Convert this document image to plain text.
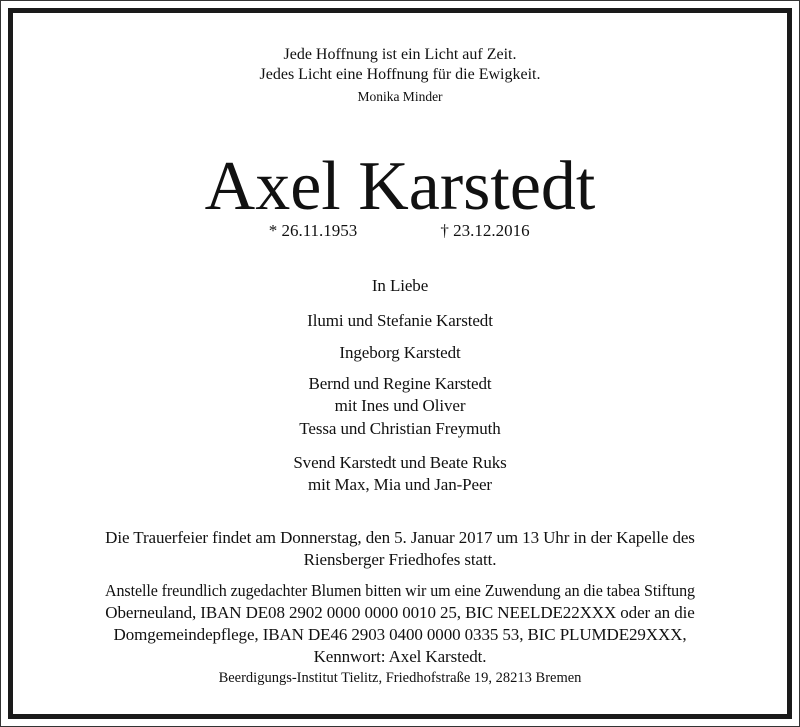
Jede Hoffnung ist ein Licht auf Zeit.
Jedes Licht eine Hoffnung für die Ewigkeit.
Monika Minder
Axel Karstedt
* 26.11.1953	† 23.12.2016
In Liebe
Ilumi und Stefanie Karstedt
Ingeborg Karstedt
Bernd und Regine Karstedt
mit Ines und Oliver
Tessa und Christian Freymuth
Svend Karstedt und Beate Ruks
mit Max, Mia und Jan-Peer
Die Trauerfeier findet am Donnerstag, den 5. Januar 2017 um 13 Uhr in der Kapelle des
Riensberger Friedhofes statt.
Anstelle freundlich zugedachter Blumen bitten wir um eine Zuwendung an die tabea Stiftung
Oberneuland, IBAN DE08 2902 0000 0000 0010 25, BIC NEELDE22XXX oder an die
Domgemeindepflege, IBAN DE46 2903 0400 0000 0335 53, BIC PLUMDE29XXX,
Kennwort: Axel Karstedt.
Beerdigungs-Institut Tielitz, Friedhofstraße 19, 28213 Bremen
